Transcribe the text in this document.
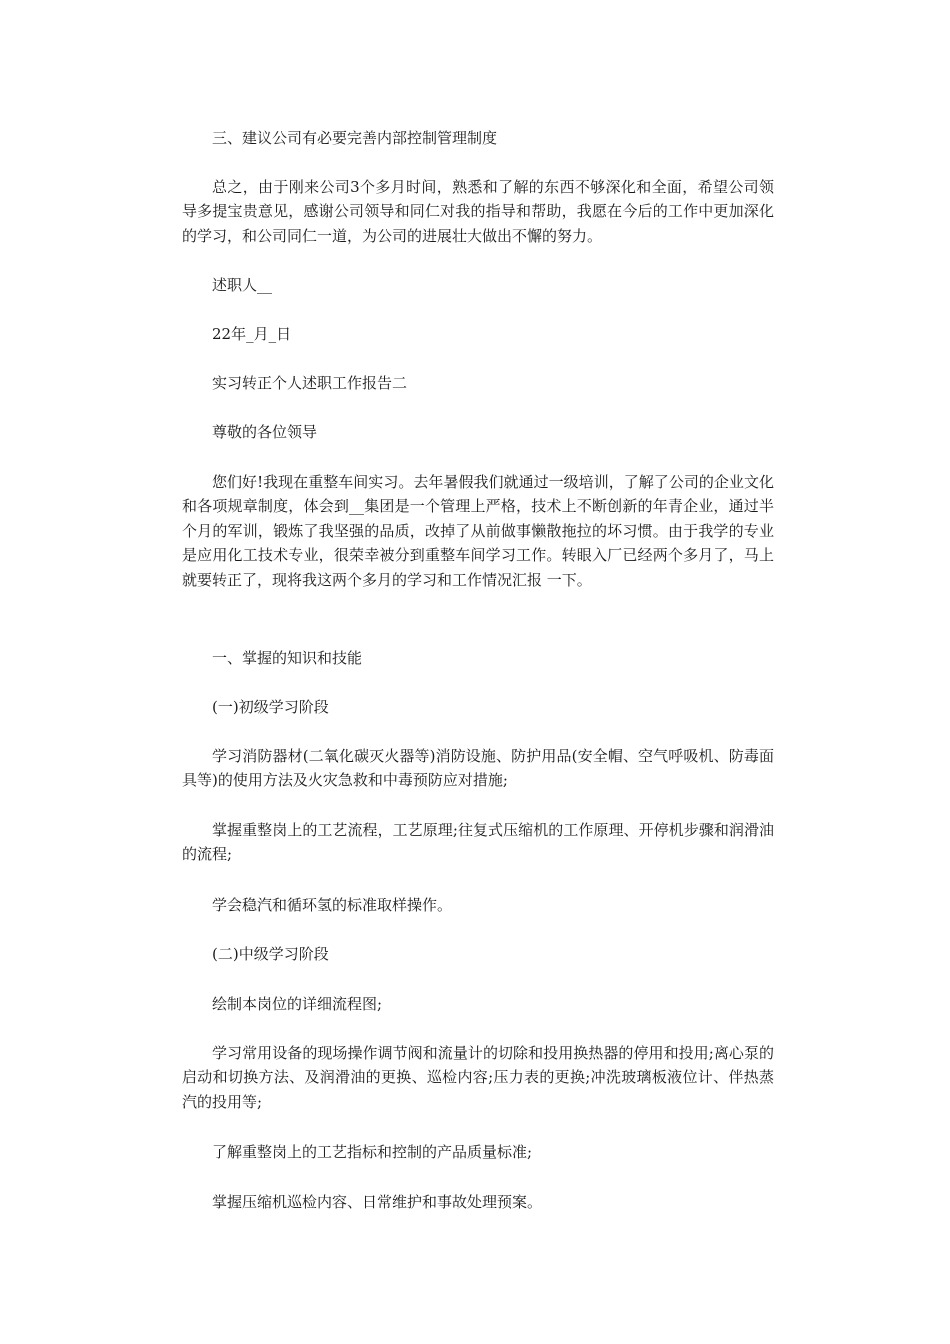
三、建议公司有必要完善内部控制管理制度

总之，由于刚来公司3个多月时间，熟悉和了解的东西不够深化和全面，希望公司领导多提宝贵意见，感谢公司领导和同仁对我的指导和帮助，我愿在今后的工作中更加深化的学习，和公司同仁一道，为公司的进展壮大做出不懈的努力。

述职人__

22年_月_日

实习转正个人述职工作报告二

尊敬的各位领导

您们好!我现在重整车间实习。去年暑假我们就通过一级培训，了解了公司的企业文化和各项规章制度，体会到__集团是一个管理上严格，技术上不断创新的年青企业，通过半个月的军训，锻炼了我坚强的品质，改掉了从前做事懒散拖拉的坏习惯。由于我学的专业是应用化工技术专业，很荣幸被分到重整车间学习工作。转眼入厂已经两个多月了，马上就要转正了，现将我这两个多月的学习和工作情况汇报 一下。

一、掌握的知识和技能

(一)初级学习阶段

学习消防器材(二氧化碳灭火器等)消防设施、防护用品(安全帽、空气呼吸机、防毒面具等)的使用方法及火灾急救和中毒预防应对措施;

掌握重整岗上的工艺流程，工艺原理;往复式压缩机的工作原理、开停机步骤和润滑油的流程;

学会稳汽和循环氢的标准取样操作。

(二)中级学习阶段

绘制本岗位的详细流程图;

学习常用设备的现场操作调节阀和流量计的切除和投用换热器的停用和投用;离心泵的启动和切换方法、及润滑油的更换、巡检内容;压力表的更换;冲洗玻璃板液位计、伴热蒸汽的投用等;

了解重整岗上的工艺指标和控制的产品质量标准;

掌握压缩机巡检内容、日常维护和事故处理预案。
